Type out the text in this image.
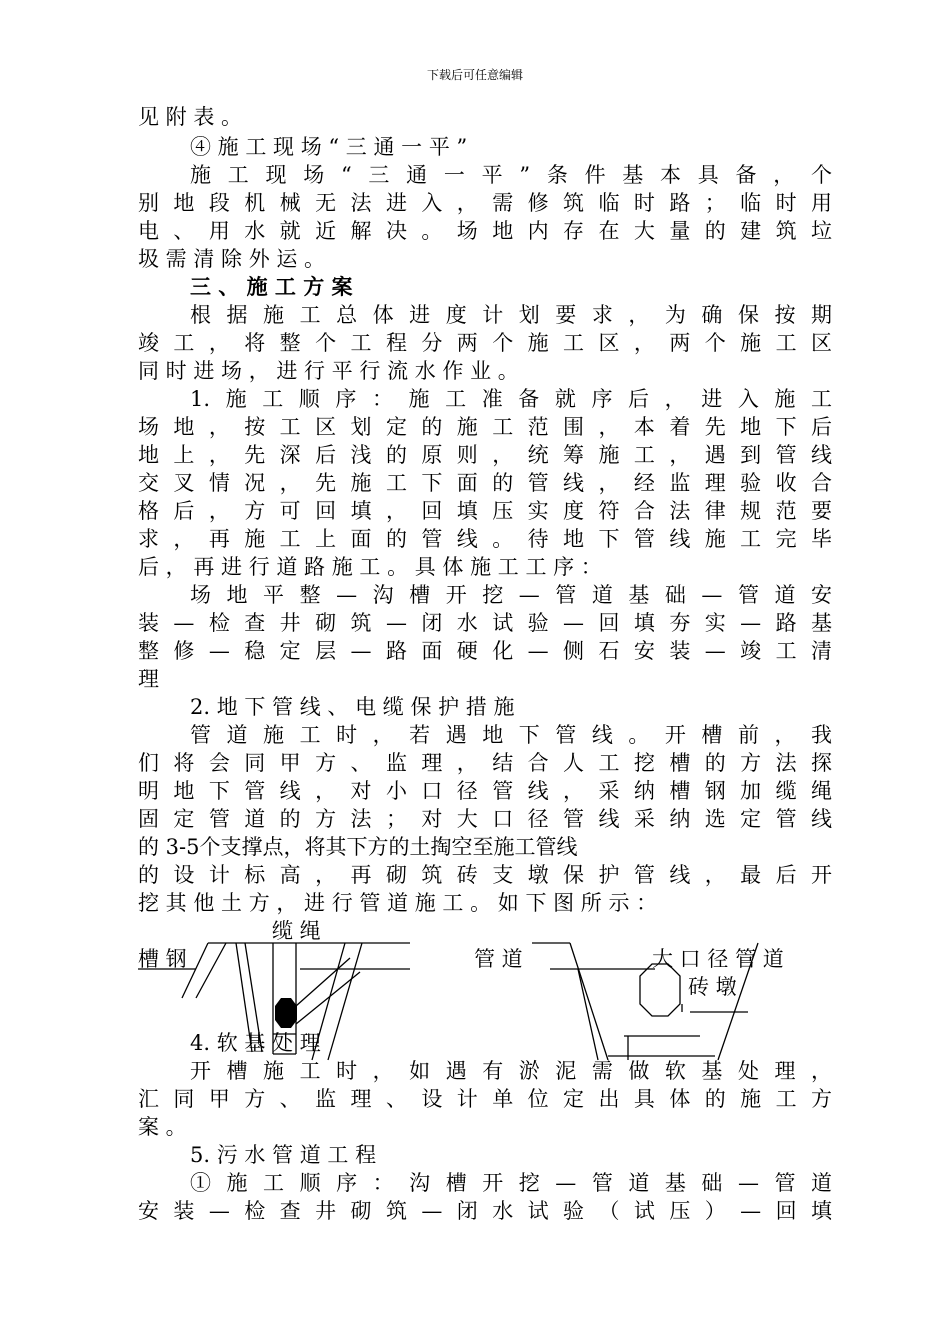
下载后可任意编辑
见 附 表 。
④ 施 工 现 场 “ 三 通 一 平 ”
施工现场“三通一平”条件基本具备，个
别地段机械无法进入，需修筑临时路；临时用
电、用水就近解决。场地内存在大量的建筑垃
圾 需 清 除 外 运 。
三 、 施 工 方 案
根据施工总体进度计划要求，为确保按期
竣工，将整个工程分两个施工区，两个施工区
同 时 进 场 ， 进 行 平 行 流 水 作 业 。
1.施工顺序：施工准备就序后，进入施工
场地，按工区划定的施工范围，本着先地下后
地上，先深后浅的原则，统筹施工，遇到管线
交叉情况，先施工下面的管线，经监理验收合
格后，方可回填，回填压实度符合法律规范要
求，再施工上面的管线。待地下管线施工完毕
后 ， 再 进 行 道 路 施 工 。 具 体 施 工 工 序 ：
场地平整—沟槽开挖—管道基础—管道安
装—检查井砌筑—闭水试验—回填夯实—路基
整修—稳定层—路面硬化—侧石安装—竣工清
理
2. 地 下 管 线 、 电 缆 保 护 措 施
管道施工时，若遇地下管线。开槽前，我
们将会同甲方、监理，结合人工挖槽的方法探
明地下管线，对小口径管线，采纳槽钢加缆绳
固定管道的方法；对大口径管线采纳选定管线
的 3-5个支撑点，将其下方的土掏空至施工管线
的设计标高，再砌筑砖支墩保护管线，最后开
挖 其 他 土 方 ， 进 行 管 道 施 工 。 如 下 图 所 示 ：
缆 绳
槽 钢	管 道	大 口 径 管 道
砖 墩
4. 软 基 处 理
开槽施工时，如遇有淤泥需做软基处理，
汇同甲方、监理、设计单位定出具体的施工方
案 。
5. 污 水 管 道 工 程
①施工顺序：沟槽开挖—管道基础—管道
安装—检查井砌筑—闭水试验（试压）—回填
